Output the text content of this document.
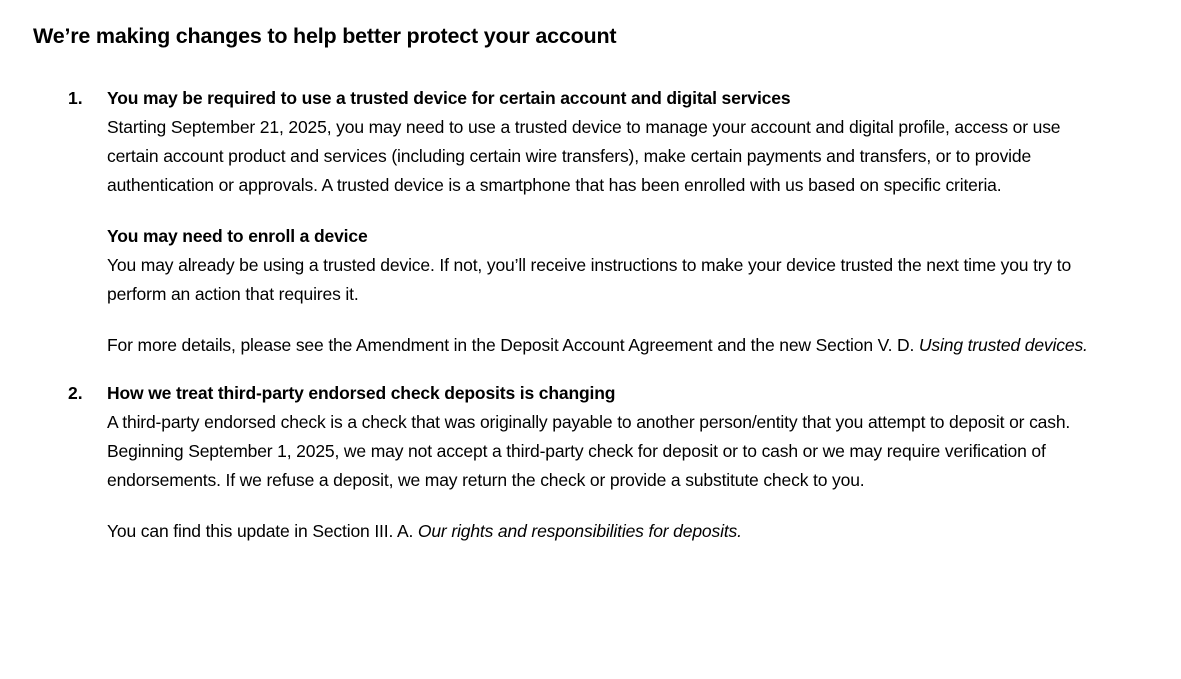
We’re making changes to help better protect your account
1. You may be required to use a trusted device for certain account and digital services
Starting September 21, 2025, you may need to use a trusted device to manage your account and digital profile, access or use certain account product and services (including certain wire transfers), make certain payments and transfers, or to provide authentication or approvals. A trusted device is a smartphone that has been enrolled with us based on specific criteria.
You may need to enroll a device
You may already be using a trusted device. If not, you’ll receive instructions to make your device trusted the next time you try to perform an action that requires it.
For more details, please see the Amendment in the Deposit Account Agreement and the new Section V. D. Using trusted devices.
2. How we treat third-party endorsed check deposits is changing
A third-party endorsed check is a check that was originally payable to another person/entity that you attempt to deposit or cash. Beginning September 1, 2025, we may not accept a third-party check for deposit or to cash or we may require verification of endorsements. If we refuse a deposit, we may return the check or provide a substitute check to you.
You can find this update in Section III. A. Our rights and responsibilities for deposits.
